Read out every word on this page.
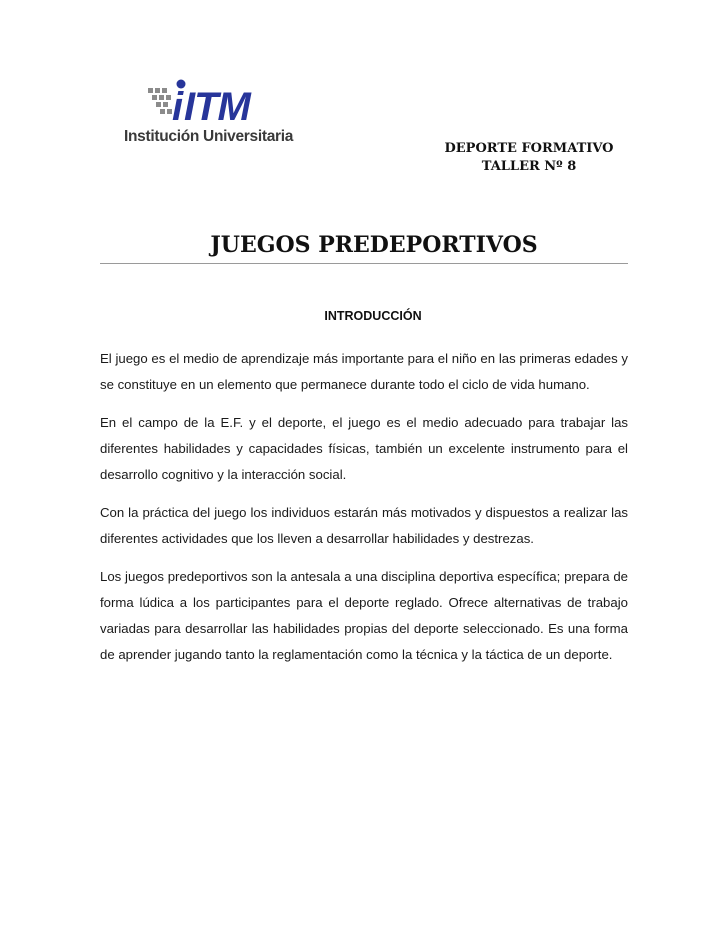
i ITM
Institución Universitaria
DEPORTE FORMATIVO
TALLER Nº 8
JUEGOS PREDEPORTIVOS
INTRODUCCIÓN

El juego es el medio de aprendizaje más importante para el niño en las primeras edades y se constituye en un elemento que permanece durante todo el ciclo de vida humano.

En el campo de la E.F. y el deporte, el juego es el medio adecuado para trabajar las diferentes habilidades y capacidades físicas, también un excelente instrumento para el desarrollo cognitivo y la interacción social.

Con la práctica del juego los individuos estarán más motivados y dispuestos a realizar las diferentes actividades que los lleven a desarrollar habilidades y destrezas.

Los juegos predeportivos son la antesala a una disciplina deportiva específica; prepara de forma lúdica a los participantes para el deporte reglado. Ofrece alternativas de trabajo variadas para desarrollar las habilidades propias del deporte seleccionado. Es una forma de aprender jugando tanto la reglamentación como la técnica y la táctica de un deporte.
